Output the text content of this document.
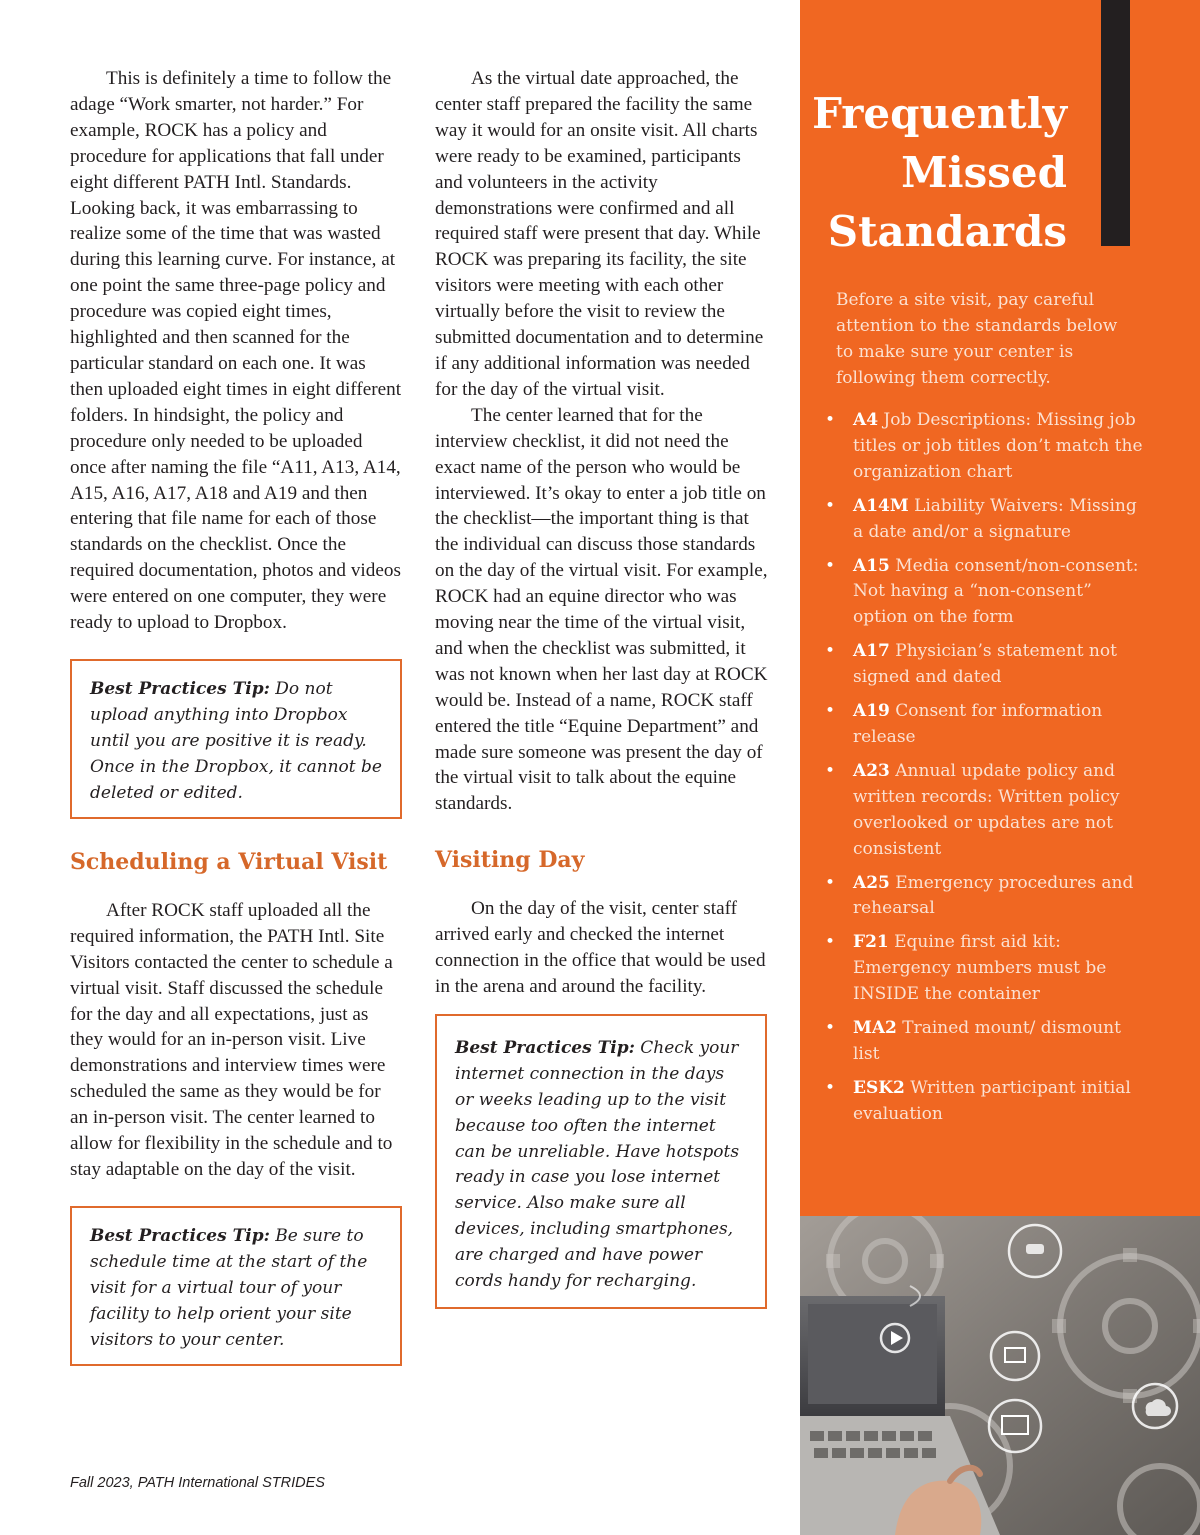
This is definitely a time to follow the adage “Work smarter, not harder.” For example, ROCK has a policy and procedure for applications that fall under eight different PATH Intl. Standards. Looking back, it was embarrassing to realize some of the time that was wasted during this learning curve. For instance, at one point the same three-page policy and procedure was copied eight times, highlighted and then scanned for the particular standard on each one. It was then uploaded eight times in eight different folders. In hindsight, the policy and procedure only needed to be uploaded once after naming the file “A11, A13, A14, A15, A16, A17, A18 and A19 and then entering that file name for each of those standards on the checklist. Once the required documentation, photos and videos were entered on one computer, they were ready to upload to Dropbox.

Best Practices Tip: Do not upload anything into Dropbox until you are positive it is ready. Once in the Dropbox, it cannot be deleted or edited.
Scheduling a Virtual Visit

After ROCK staff uploaded all the required information, the PATH Intl. Site Visitors contacted the center to schedule a virtual visit. Staff discussed the schedule for the day and all expectations, just as they would for an in-person visit. Live demonstrations and interview times were scheduled the same as they would be for an in-person visit. The center learned to allow for flexibility in the schedule and to stay adaptable on the day of the visit.

Best Practices Tip: Be sure to schedule time at the start of the visit for a virtual tour of your facility to help orient your site visitors to your center.

As the virtual date approached, the center staff prepared the facility the same way it would for an onsite visit. All charts were ready to be examined, participants and volunteers in the activity demonstrations were confirmed and all required staff were present that day. While ROCK was preparing its facility, the site visitors were meeting with each other virtually before the visit to review the submitted documentation and to determine if any additional information was needed for the day of the virtual visit.

The center learned that for the interview checklist, it did not need the exact name of the person who would be interviewed. It’s okay to enter a job title on the checklist—the important thing is that the individual can discuss those standards on the day of the virtual visit. For example, ROCK had an equine director who was moving near the time of the virtual visit, and when the checklist was submitted, it was not known when her last day at ROCK would be. Instead of a name, ROCK staff entered the title “Equine Department” and made sure someone was present the day of the virtual visit to talk about the equine standards.

Visiting Day

On the day of the visit, center staff arrived early and checked the internet connection in the office that would be used in the arena and around the facility.

Best Practices Tip: Check your internet connection in the days or weeks leading up to the visit because too often the internet can be unreliable. Have hotspots ready in case you lose internet service. Also make sure all devices, including smartphones, are charged and have power cords handy for recharging.
Fall 2023, PATH International STRIDES
Frequently
Missed
Standards

Before a site visit, pay careful attention to the standards below to make sure your center is following them correctly.

• A4 Job Descriptions: Missing job titles or job titles don’t match the organization chart
• A14M Liability Waivers: Missing a date and/or a signature
• A15 Media consent/non-consent: Not having a “non-consent” option on the form
• A17 Physician’s statement not signed and dated
• A19 Consent for information release
• A23 Annual update policy and written records: Written policy overlooked or updates are not consistent
• A25 Emergency procedures and rehearsal
• F21 Equine first aid kit: Emergency numbers must be INSIDE the container
• MA2 Trained mount/ dismount list
• ESK2 Written participant initial evaluation
